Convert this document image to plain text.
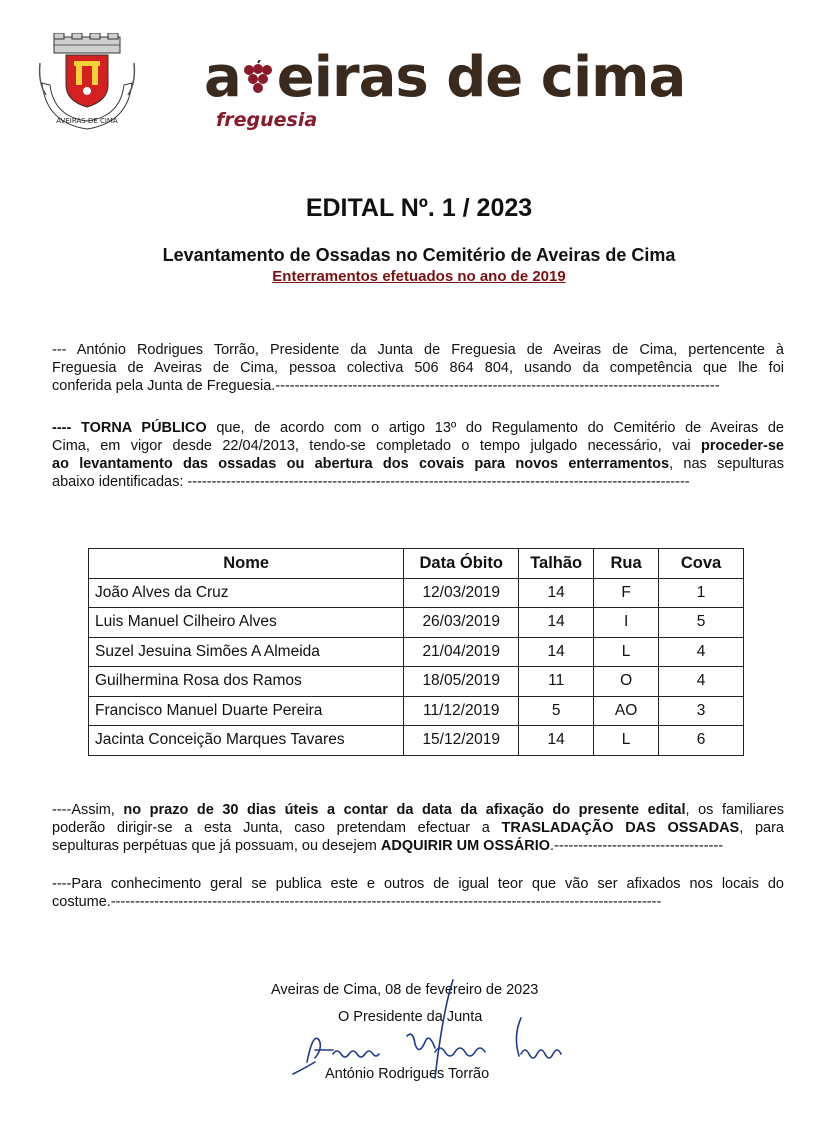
AVEIRAS DE CIMA
a eiras de cima
freguesia
EDITAL Nº. 1 / 2023
Levantamento de Ossadas no Cemitério de Aveiras de Cima
Enterramentos efetuados no ano de 2019
--- António Rodrigues Torrão, Presidente da Junta de Freguesia de Aveiras de Cima, pertencente à
Freguesia de Aveiras de Cima, pessoa colectiva 506 864 804, usando da competência que lhe foi
conferida pela Junta de Freguesia.--------------------------------------------------------------------------------------------
---- TORNA PÚBLICO que, de acordo com o artigo 13º do Regulamento do Cemitério de Aveiras de
Cima, em vigor desde 22/04/2013, tendo-se completado o tempo julgado necessário, vai proceder-se
ao levantamento das ossadas ou abertura dos covais para novos enterramentos, nas sepulturas
abaixo identificadas: --------------------------------------------------------------------------------------------------------
Nome	Data Óbito	Talhão	Rua	Cova
João Alves da Cruz	12/03/2019	14	F	1
Luis Manuel Cilheiro Alves	26/03/2019	14	I	5
Suzel Jesuina Simões A Almeida	21/04/2019	14	L	4
Guilhermina Rosa dos Ramos	18/05/2019	11	O	4
Francisco Manuel Duarte Pereira	11/12/2019	5	AO	3
Jacinta Conceição Marques Tavares	15/12/2019	14	L	6
----Assim, no prazo de 30 dias úteis a contar da data da afixação do presente edital, os familiares
poderão dirigir-se a esta Junta, caso pretendam efectuar a TRASLADAÇÃO DAS OSSADAS, para
sepulturas perpétuas que já possuam, ou desejem ADQUIRIR UM OSSÁRIO.-----------------------------------
----Para conhecimento geral se publica este e outros de igual teor que vão ser afixados nos locais do
costume.------------------------------------------------------------------------------------------------------------------
Aveiras de Cima, 08 de fevereiro de 2023
O Presidente da Junta
António Rodrigues Torrão
